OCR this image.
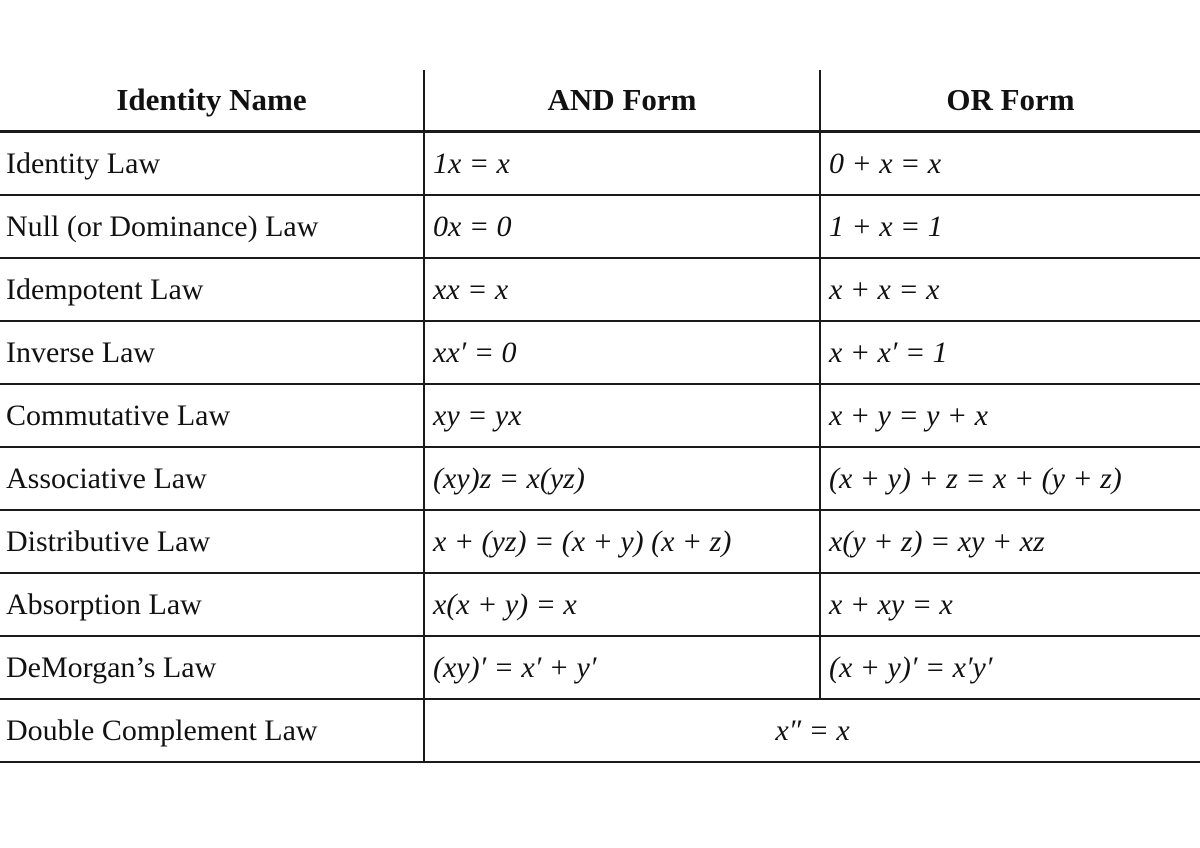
Identity Name	AND Form	OR Form
Identity Law	1x = x	0 + x = x
Null (or Dominance) Law	0x = 0	1 + x = 1
Idempotent Law	xx = x	x + x = x
Inverse Law	xx′ = 0	x + x′ = 1
Commutative Law	xy = yx	x + y = y + x
Associative Law	(xy)z = x(yz)	(x + y) + z = x + (y + z)
Distributive Law	x + (yz) = (x + y) (x + z)	x(y + z) = xy + xz
Absorption Law	x(x + y) = x	x + xy = x
DeMorgan’s Law	(xy)′ = x′ + y′	(x + y)′ = x′y′
Double Complement Law	x″ = x	
